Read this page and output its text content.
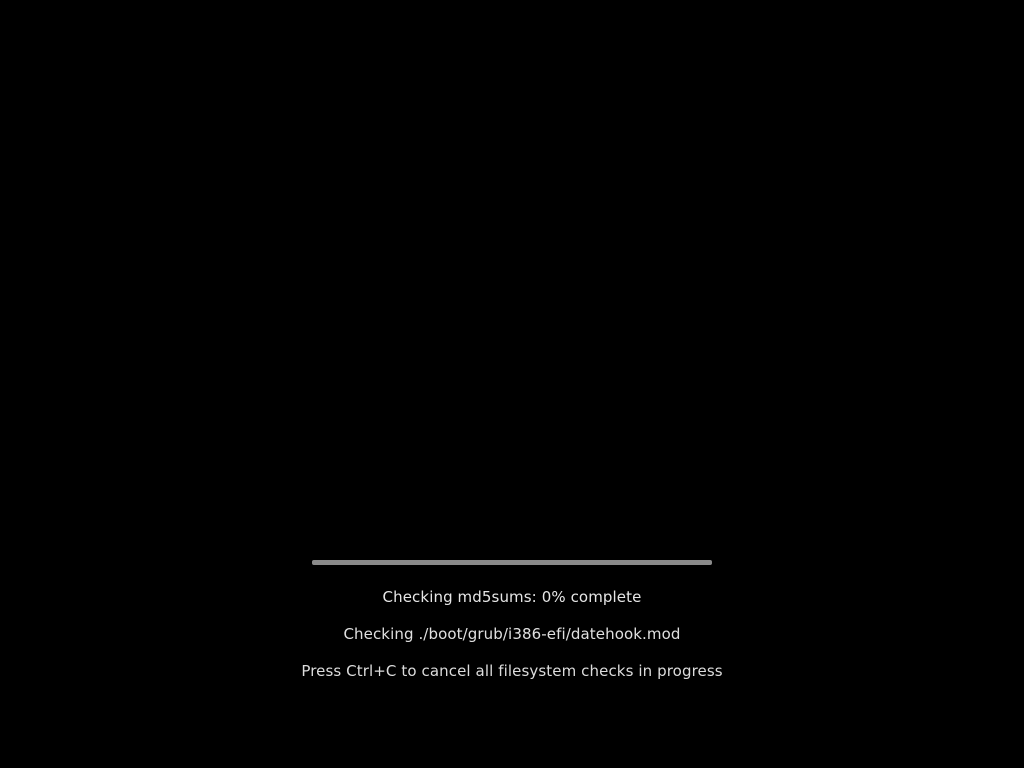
Checking md5sums: 0% complete
Checking ./boot/grub/i386-efi/datehook.mod
Press Ctrl+C to cancel all filesystem checks in progress
